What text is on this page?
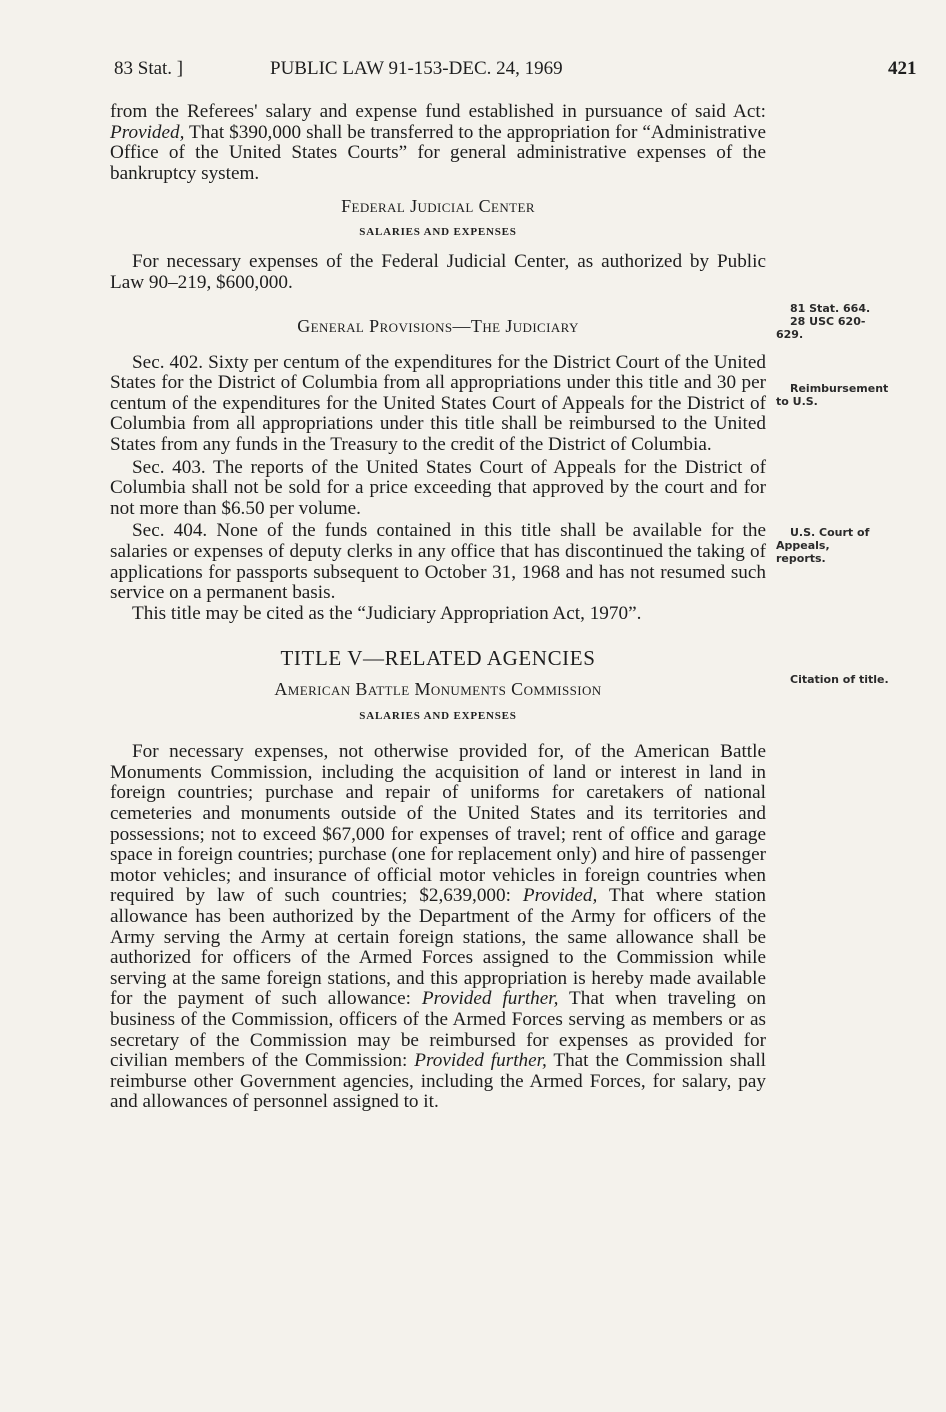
83 Stat. ]	PUBLIC LAW 91-153-DEC. 24, 1969	421

from the Referees' salary and expense fund established in pursuance of said Act: Provided, That $390,000 shall be transferred to the appropriation for “Administrative Office of the United States Courts” for general administrative expenses of the bankruptcy system.

Federal Judicial Center
SALARIES AND EXPENSES

For necessary expenses of the Federal Judicial Center, as authorized by Public Law 90–219, $600,000.

General Provisions—The Judiciary

Sec. 402. Sixty per centum of the expenditures for the District Court of the United States for the District of Columbia from all appropriations under this title and 30 per centum of the expenditures for the United States Court of Appeals for the District of Columbia from all appropriations under this title shall be reimbursed to the United States from any funds in the Treasury to the credit of the District of Columbia.

Sec. 403. The reports of the United States Court of Appeals for the District of Columbia shall not be sold for a price exceeding that approved by the court and for not more than $6.50 per volume.

Sec. 404. None of the funds contained in this title shall be available for the salaries or expenses of deputy clerks in any office that has discontinued the taking of applications for passports subsequent to October 31, 1968 and has not resumed such service on a permanent basis.

This title may be cited as the “Judiciary Appropriation Act, 1970”.

TITLE V—RELATED AGENCIES
American Battle Monuments Commission
SALARIES AND EXPENSES

For necessary expenses, not otherwise provided for, of the American Battle Monuments Commission, including the acquisition of land or interest in land in foreign countries; purchase and repair of uniforms for caretakers of national cemeteries and monuments outside of the United States and its territories and possessions; not to exceed $67,000 for expenses of travel; rent of office and garage space in foreign countries; purchase (one for replacement only) and hire of passenger motor vehicles; and insurance of official motor vehicles in foreign countries when required by law of such countries; $2,639,000: Provided, That where station allowance has been authorized by the Department of the Army for officers of the Army serving the Army at certain foreign stations, the same allowance shall be authorized for officers of the Armed Forces assigned to the Commission while serving at the same foreign stations, and this appropriation is hereby made available for the payment of such allowance: Provided further, That when traveling on business of the Commission, officers of the Armed Forces serving as members or as secretary of the Commission may be reimbursed for expenses as provided for civilian members of the Commission: Provided further, That the Commission shall reimburse other Government agencies, including the Armed Forces, for salary, pay and allowances of personnel assigned to it.

81 Stat. 664.
28 USC 620-
629.
Reimbursement
to U.S.
U.S. Court of
Appeals,
reports.
Citation of title.
